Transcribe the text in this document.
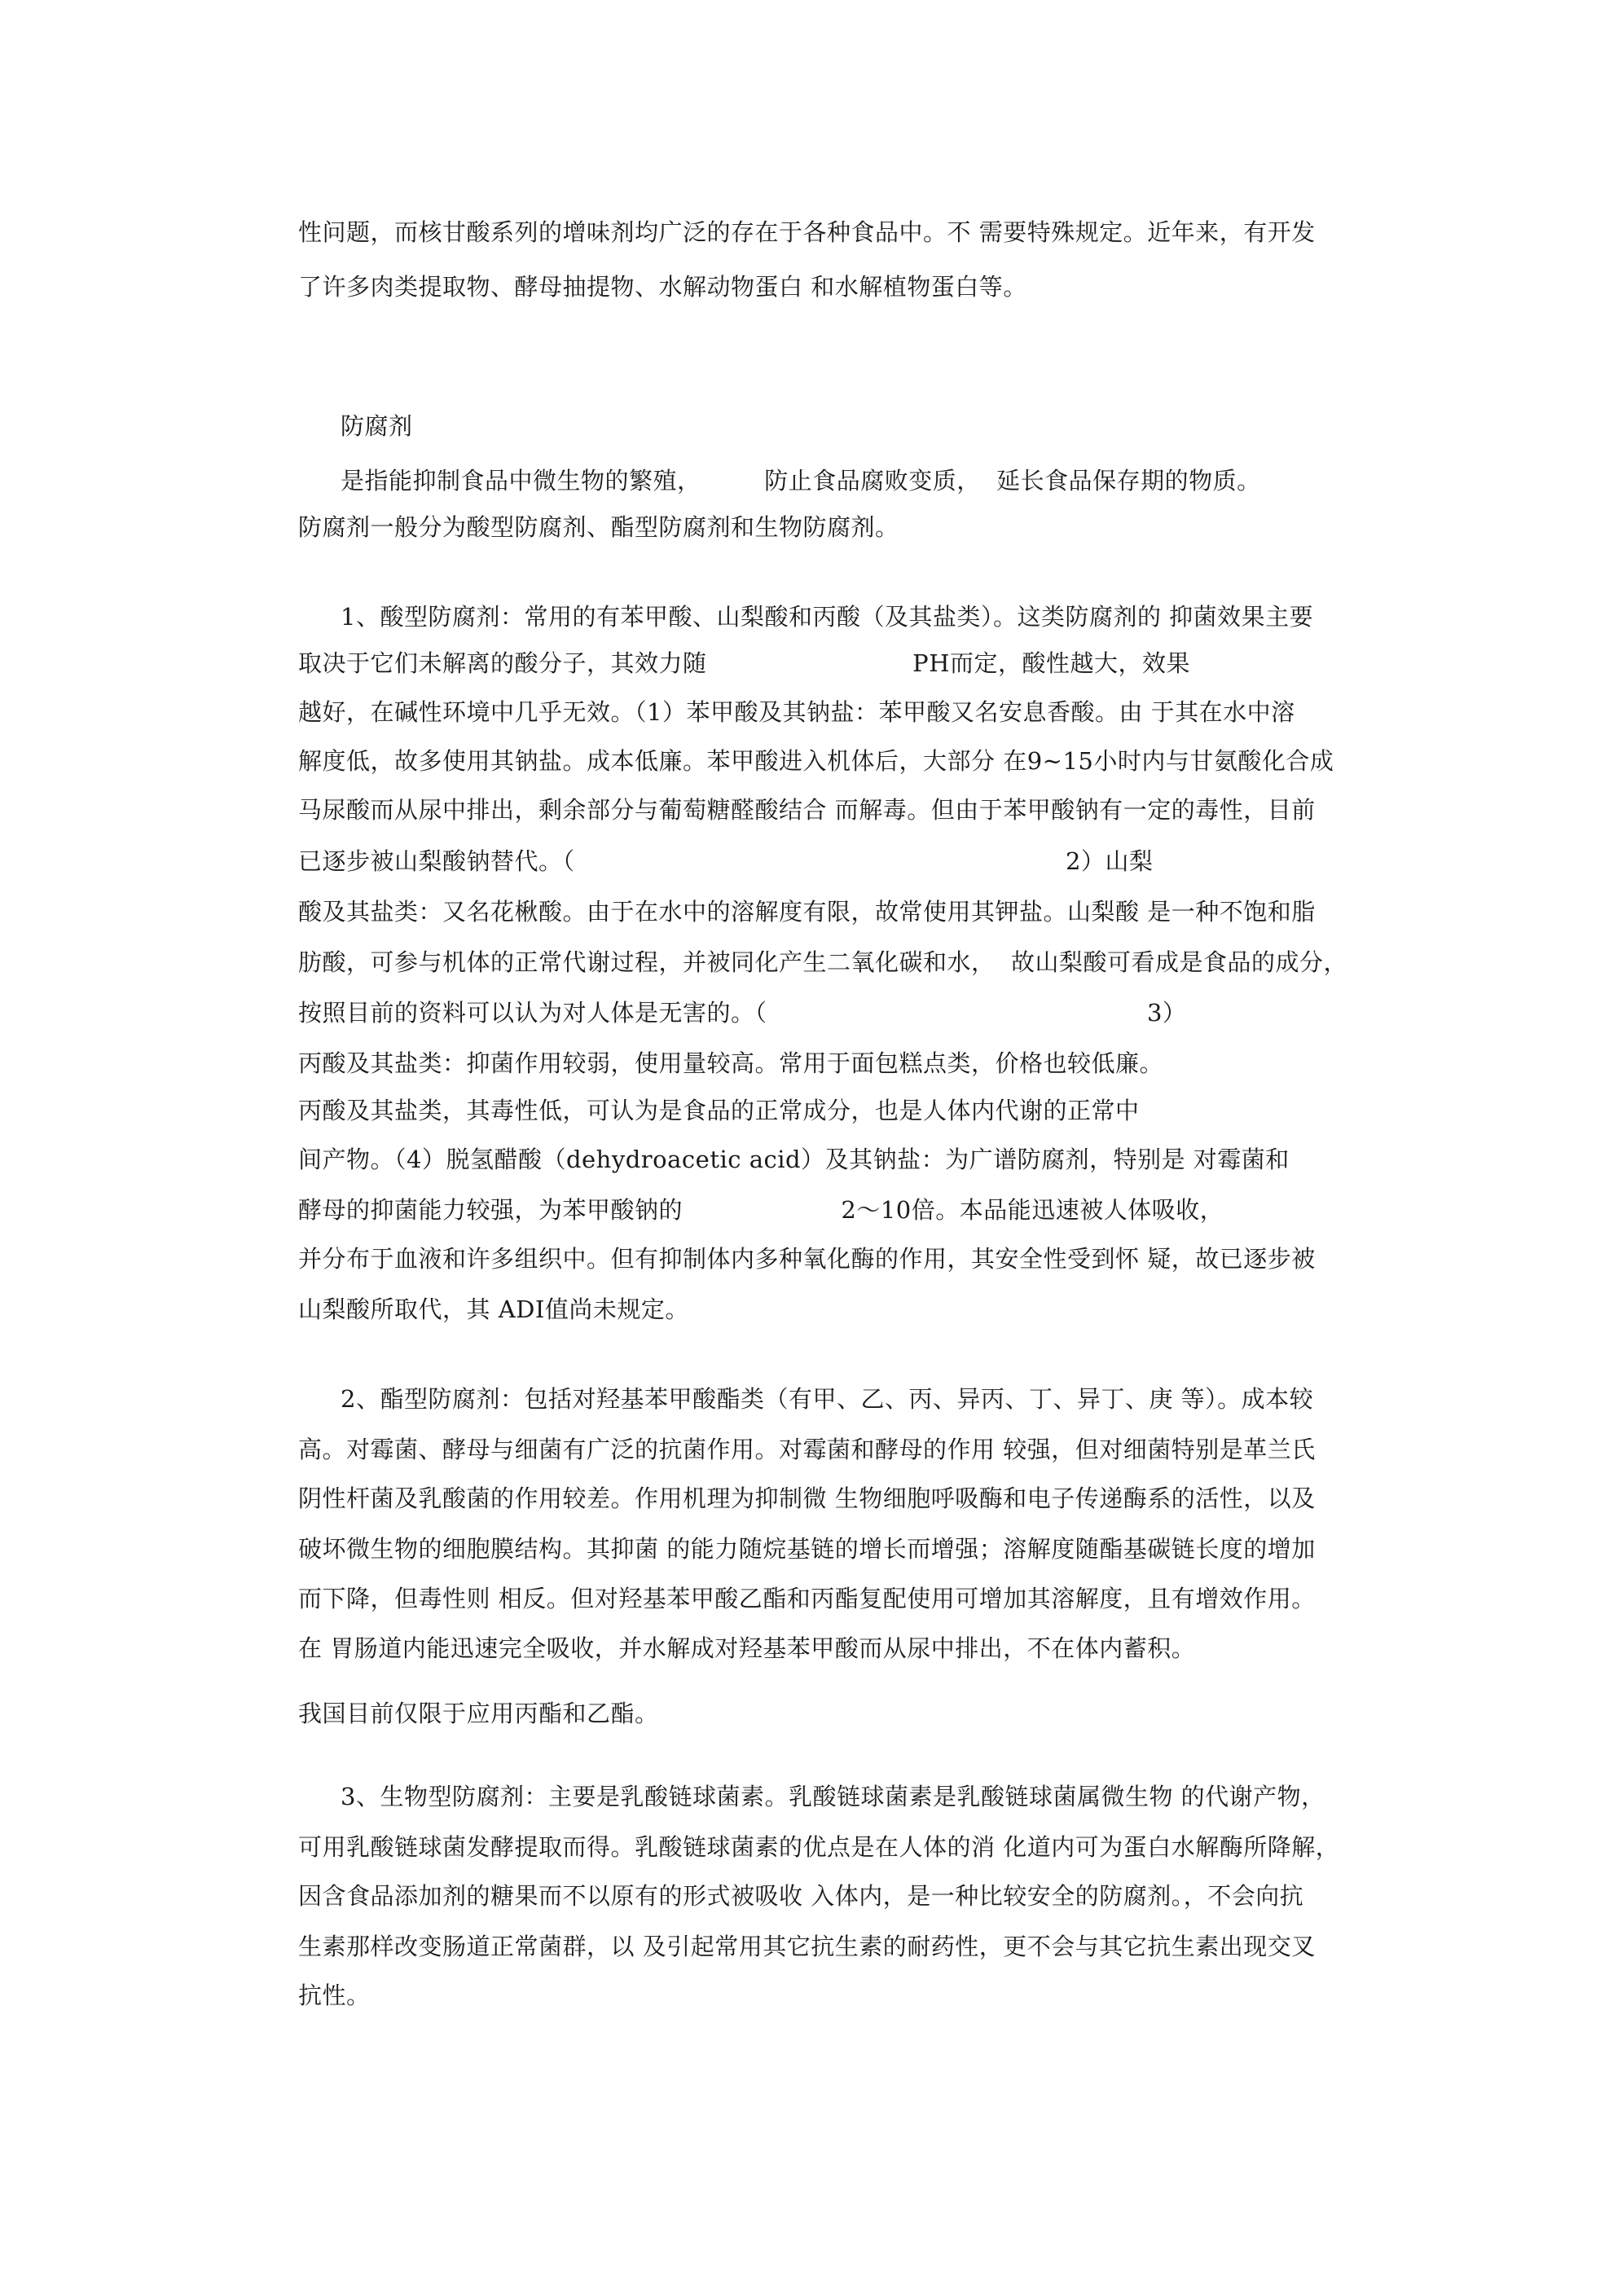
性问题，而核甘酸系列的增味剂均广泛的存在于各种食品中。不 需要特殊规定。近年来，有开发
了许多肉类提取物、酵母抽提物、水解动物蛋白 和水解植物蛋白等。
防腐剂
是指能抑制食品中微生物的繁殖，        防止食品腐败变质，  延长食品保存期的物质。
防腐剂一般分为酸型防腐剂、酯型防腐剂和生物防腐剂。
1、酸型防腐剂：常用的有苯甲酸、山梨酸和丙酸（及其盐类）。这类防腐剂的 抑菌效果主要
取决于它们未解离的酸分子，其效力随                          PH而定，酸性越大，效果
越好，在碱性环境中几乎无效。（1）苯甲酸及其钠盐：苯甲酸又名安息香酸。由 于其在水中溶
解度低，故多使用其钠盐。成本低廉。苯甲酸进入机体后，大部分 在9~15小时内与甘氨酸化合成
马尿酸而从尿中排出，剩余部分与葡萄糖醛酸结合 而解毒。但由于苯甲酸钠有一定的毒性，目前
已逐步被山梨酸钠替代。（                                                              2）山梨
酸及其盐类：又名花楸酸。由于在水中的溶解度有限，故常使用其钾盐。山梨酸 是一种不饱和脂
肪酸，可参与机体的正常代谢过程，并被同化产生二氧化碳和水，  故山梨酸可看成是食品的成分，
按照目前的资料可以认为对人体是无害的。（                                                3）
丙酸及其盐类：抑菌作用较弱，使用量较高。常用于面包糕点类，价格也较低廉。
丙酸及其盐类，其毒性低，可认为是食品的正常成分，也是人体内代谢的正常中
间产物。（4）脱氢醋酸（dehydroacetic acid）及其钠盐：为广谱防腐剂，特别是 对霉菌和
酵母的抑菌能力较强，为苯甲酸钠的                    2～10倍。本品能迅速被人体吸收，
并分布于血液和许多组织中。但有抑制体内多种氧化酶的作用，其安全性受到怀 疑，故已逐步被
山梨酸所取代，其 ADI值尚未规定。
2、酯型防腐剂：包括对羟基苯甲酸酯类（有甲、乙、丙、异丙、丁、异丁、庚 等）。成本较
高。对霉菌、酵母与细菌有广泛的抗菌作用。对霉菌和酵母的作用 较强，但对细菌特别是革兰氏
阴性杆菌及乳酸菌的作用较差。作用机理为抑制微 生物细胞呼吸酶和电子传递酶系的活性，以及
破坏微生物的细胞膜结构。其抑菌 的能力随烷基链的增长而增强；溶解度随酯基碳链长度的增加
而下降，但毒性则 相反。但对羟基苯甲酸乙酯和丙酯复配使用可增加其溶解度，且有增效作用。
在 胃肠道内能迅速完全吸收，并水解成对羟基苯甲酸而从尿中排出，不在体内蓄积。
我国目前仅限于应用丙酯和乙酯。
3、生物型防腐剂：主要是乳酸链球菌素。乳酸链球菌素是乳酸链球菌属微生物 的代谢产物，
可用乳酸链球菌发酵提取而得。乳酸链球菌素的优点是在人体的消 化道内可为蛋白水解酶所降解，
因含食品添加剂的糖果而不以原有的形式被吸收 入体内，是一种比较安全的防腐剂。，不会向抗
生素那样改变肠道正常菌群，以 及引起常用其它抗生素的耐药性，更不会与其它抗生素出现交叉
抗性。
